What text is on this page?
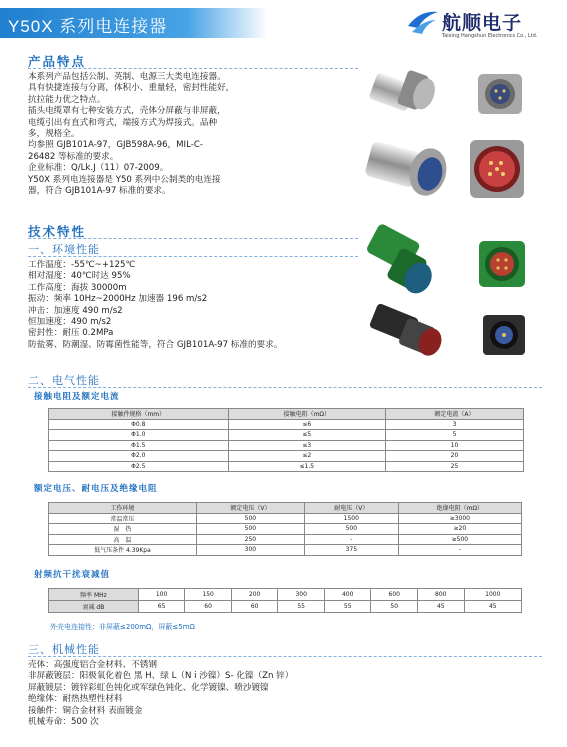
Y50X 系列电连接器	航顺电子
Taixing Hangshun Electronics Co., Ltd.
产品特点
本系列产品包括公制、英制、电源三大类电连接器。
具有快捷连接与分离，体积小、重量轻，密封性能好，
抗拉能力优之特点。
插头电缆罩有七种安装方式，壳体分屏蔽与非屏蔽，
电缆引出有直式和弯式，端接方式为焊接式。品种
多，规格全。
均参照 GJB101A-97，GJB598A-96，MIL-C-
26482 等标准的要求。
企业标准：Q/Lk.J（11）07-2009。
Y50X 系列电连接器是 Y50 系列中公制类的电连接
器，符合 GJB101A-97 标准的要求。
技术特性
一、环境性能
工作温度：-55℃~+125℃
相对湿度：40℃时达 95%
工作高度：海拔 30000m
振动：频率 10Hz~2000Hz 加速器 196 m/s2
冲击：加速度 490 m/s2
恒加速度：490 m/s2
密封性：耐压 0.2MPa
防盐雾、防潮湿、防霉菌性能等，符合 GJB101A-97 标准的要求。
二、电气性能
接触电阻及额定电流
接触件规格（mm）	接触电阻（mΩ）	额定电流（A）
Φ0.8	≤6	3
Φ1.0	≤5	5
Φ1.5	≤3	10
Φ2.0	≤2	20
Φ2.5	≤1.5	25
额定电压、耐电压及绝缘电阻
工作环境	额定电压（V）	耐电压（V）	绝缘电阻（mΩ）
常温常压	500	1500	≥3000
湿　热	500	500	≥20
高　温	250	-	≥500
低气压条件 4.39Kpa	300	375	-
射频抗干扰衰减值
频率 MHz	100	150	200	300	400	600	800	1000
衰减 dB	65	60	60	55	55	50	45	45
外壳电连接性：非屏蔽≤200mΩ，屏蔽≤5mΩ
三、机械性能
壳体：高强度铝合金材料、不锈钢
非屏蔽镀层：阳极氧化着色 黑 H、绿 L（N i 沙镍）S- 化镍（Zn 锌）
屏蔽镀层：镀锌彩虹色钝化或军绿色钝化、化学镀镍、喷沙镀镍
绝缘体：耐热热塑性材料
接触件：铜合金材料 表面镀金
机械寿命：500 次
